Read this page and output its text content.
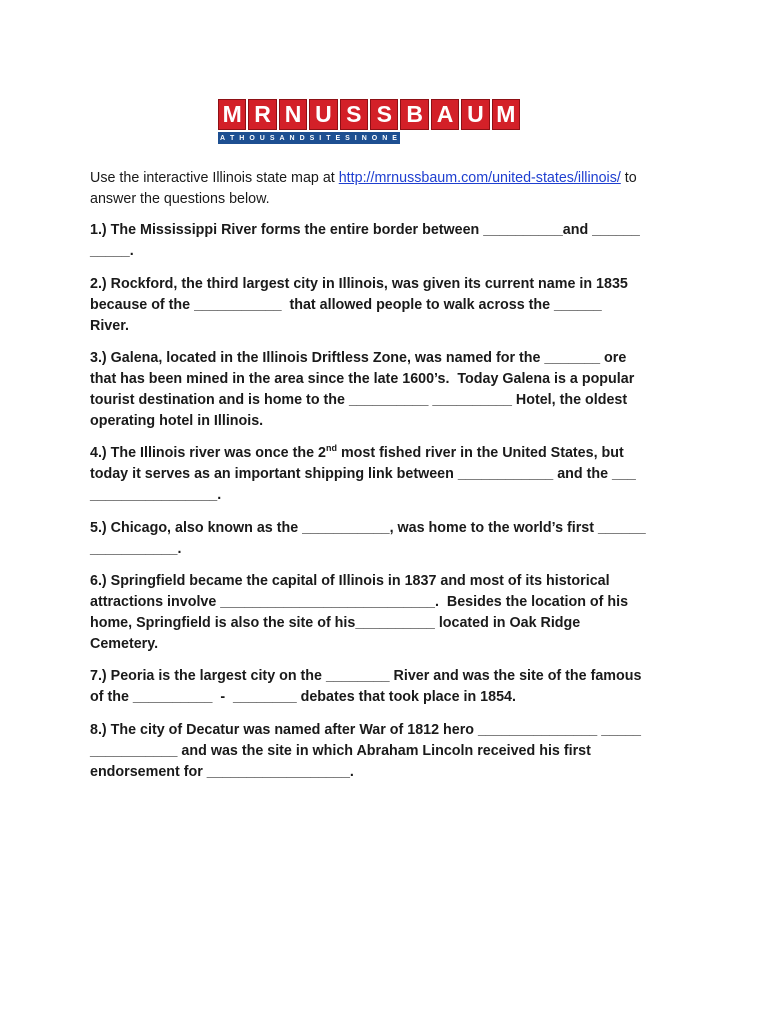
M R N U S S B A U M
A T H O U S A N D S I T E S I N O N E
Use the interactive Illinois state map at http://mrnussbaum.com/united-states/illinois/ to
answer the questions below.
1.) The Mississippi River forms the entire border between __________and ______
_____.
2.) Rockford, the third largest city in Illinois, was given its current name in 1835
because of the ___________  that allowed people to walk across the ______
River.
3.) Galena, located in the Illinois Driftless Zone, was named for the _______ ore
that has been mined in the area since the late 1600’s.  Today Galena is a popular
tourist destination and is home to the __________ __________ Hotel, the oldest
operating hotel in Illinois.
4.) The Illinois river was once the 2nd most fished river in the United States, but
today it serves as an important shipping link between ____________ and the ___
________________.
5.) Chicago, also known as the ___________, was home to the world’s first ______
___________.
6.) Springfield became the capital of Illinois in 1837 and most of its historical
attractions involve ___________________________.  Besides the location of his
home, Springfield is also the site of his__________ located in Oak Ridge
Cemetery.
7.) Peoria is the largest city on the ________ River and was the site of the famous
of the __________  -  ________ debates that took place in 1854.
8.) The city of Decatur was named after War of 1812 hero _______________ _____
___________ and was the site in which Abraham Lincoln received his first
endorsement for __________________.
